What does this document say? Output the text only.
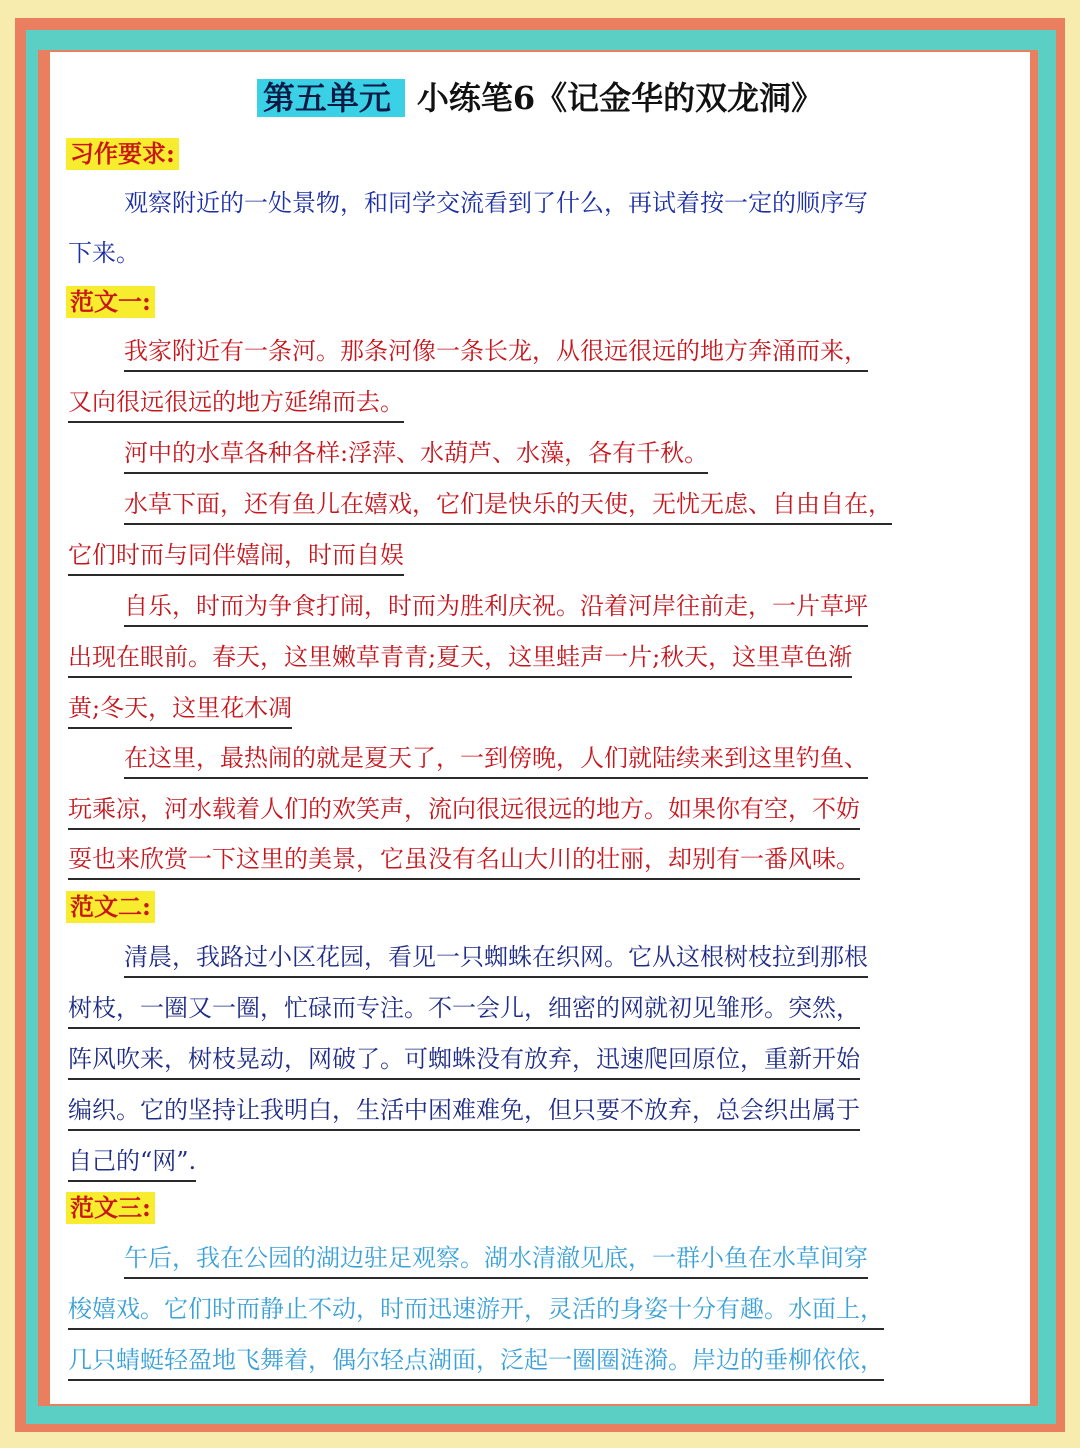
第五单元 小练笔6《记金华的双龙洞》
习作要求:
观察附近的一处景物，和同学交流看到了什么，再试着按一定的顺序写
下来。
范文一:
我家附近有一条河。那条河像一条长龙，从很远很远的地方奔涌而来，
又向很远很远的地方延绵而去。
河中的水草各种各样:浮萍、水葫芦、水藻，各有千秋。
水草下面，还有鱼儿在嬉戏，它们是快乐的天使，无忧无虑、自由自在，
它们时而与同伴嬉闹，时而自娱
自乐，时而为争食打闹，时而为胜利庆祝。沿着河岸往前走，一片草坪
出现在眼前。春天，这里嫩草青青;夏天，这里蛙声一片;秋天，这里草色渐
黄;冬天，这里花木凋
在这里，最热闹的就是夏天了，一到傍晚，人们就陆续来到这里钓鱼、
玩乘凉，河水载着人们的欢笑声，流向很远很远的地方。如果你有空，不妨
耍也来欣赏一下这里的美景，它虽没有名山大川的壮丽，却别有一番风味。
范文二:
清晨，我路过小区花园，看见一只蜘蛛在织网。它从这根树枝拉到那根
树枝，一圈又一圈，忙碌而专注。不一会儿，细密的网就初见雏形。突然，
阵风吹来，树枝晃动，网破了。可蜘蛛没有放弃，迅速爬回原位，重新开始
编织。它的坚持让我明白，生活中困难难免，但只要不放弃，总会织出属于
自己的“网”.
范文三:
午后，我在公园的湖边驻足观察。湖水清澈见底，一群小鱼在水草间穿
梭嬉戏。它们时而静止不动，时而迅速游开，灵活的身姿十分有趣。水面上，
几只蜻蜓轻盈地飞舞着，偶尔轻点湖面，泛起一圈圈涟漪。岸边的垂柳依依，
